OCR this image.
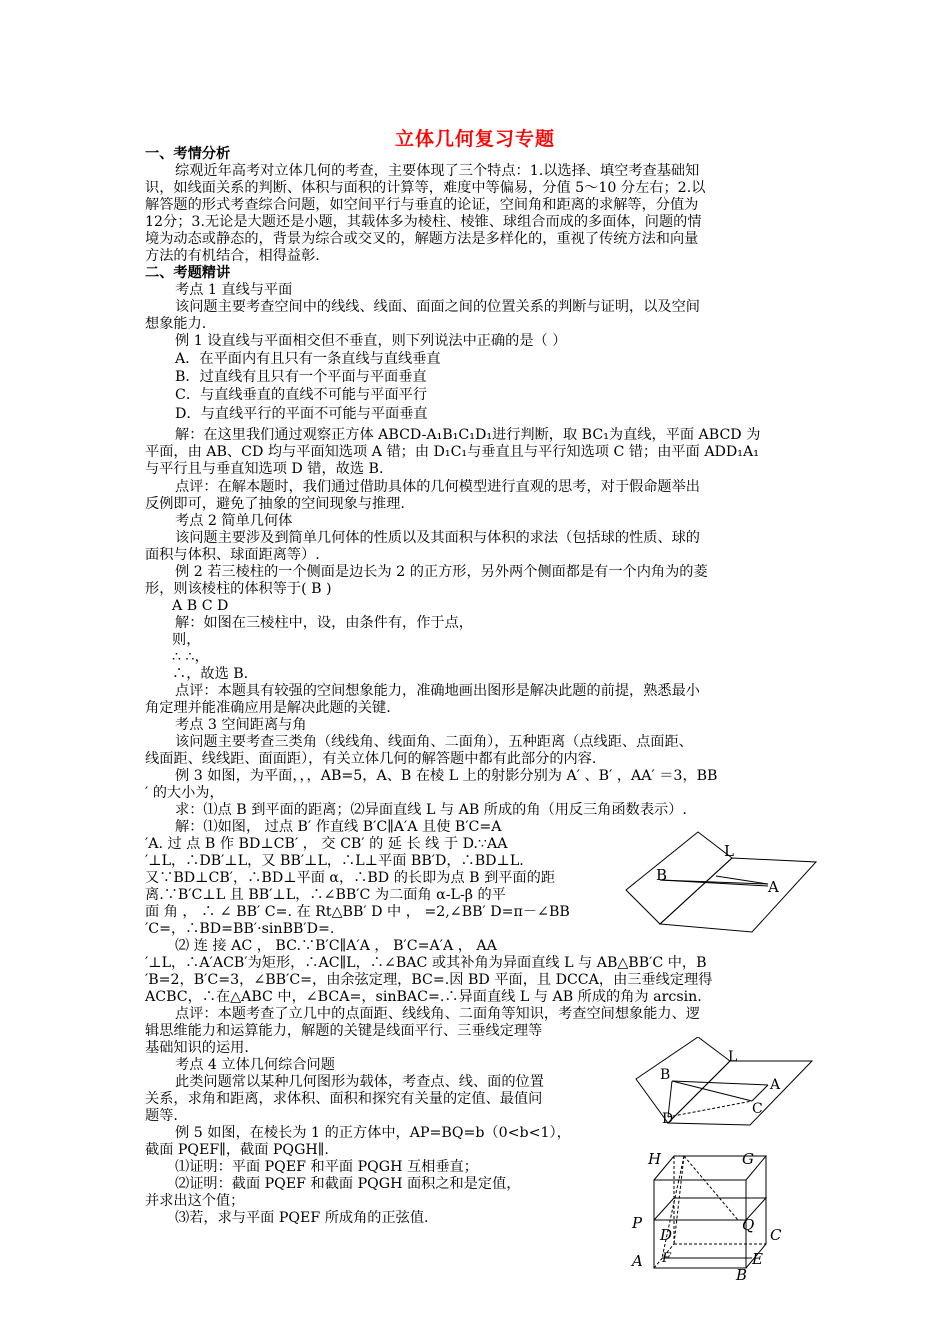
立体几何复习专题
一、考情分析
综观近年高考对立体几何的考查，主要体现了三个特点：1.以选择、填空考查基础知
识，如线面关系的判断、体积与面积的计算等，难度中等偏易，分值 5～10 分左右；2.以
解答题的形式考查综合问题，如空间平行与垂直的论证，空间角和距离的求解等，分值为
12分；3.无论是大题还是小题，其载体多为棱柱、棱锥、球组合而成的多面体，问题的情
境为动态或静态的，背景为综合或交叉的，解题方法是多样化的，重视了传统方法和向量
方法的有机结合，相得益彰.
二、考题精讲
考点 1 直线与平面
该问题主要考查空间中的线线、线面、面面之间的位置关系的判断与证明，以及空间
想象能力.
例 1 设直线与平面相交但不垂直，则下列说法中正确的是（ ）
A．在平面内有且只有一条直线与直线垂直
B．过直线有且只有一个平面与平面垂直
C．与直线垂直的直线不可能与平面平行
D．与直线平行的平面不可能与平面垂直
解：在这里我们通过观察正方体 ABCD-A₁B₁C₁D₁进行判断，取 BC₁为直线，平面 ABCD 为
平面，由 AB、CD 均与平面知选项 A 错；由 D₁C₁与垂直且与平行知选项 C 错；由平面 ADD₁A₁
与平行且与垂直知选项 D 错，故选 B.
点评：在解本题时，我们通过借助具体的几何模型进行直观的思考，对于假命题举出
反例即可，避免了抽象的空间现象与推理.
考点 2 简单几何体
该问题主要涉及到简单几何体的性质以及其面积与体积的求法（包括球的性质、球的
面积与体积、球面距离等）.
例 2 若三棱柱的一个侧面是边长为 2 的正方形，另外两个侧面都是有一个内角为的菱
形，则该棱柱的体积等于( B )
A B C D
解：如图在三棱柱中，设，由条件有，作于点，
则，
∴ ∴，
∴，故选 B.
点评：本题具有较强的空间想象能力，准确地画出图形是解决此题的前提，熟悉最小
角定理并能准确应用是解决此题的关键.
考点 3 空间距离与角
该问题主要考查三类角（线线角、线面角、二面角），五种距离（点线距、点面距、
线面距、线线距、面面距），有关立体几何的解答题中都有此部分的内容.
例 3 如图，为平面，，，AB=5，A、B 在棱 L 上的射影分别为 A′ 、B′ ，AA′ ＝3，BB
′ 的大小为，
求：⑴点 B 到平面的距离；⑵异面直线 L 与 AB 所成的角（用反三角函数表示）.
解：⑴如图， 过点 B′ 作直线 B′C∥A′A 且使 B′C=A
′A. 过 点 B 作 BD⊥CB′ ， 交 CB′ 的 延 长 线 于 D.∵AA
′⊥L，∴DB′⊥L，又 BB′⊥L，∴L⊥平面 BB′D，∴BD⊥L.
又∵BD⊥CB′，∴BD⊥平面 α，∴BD 的长即为点 B 到平面的距
离.∵B′C⊥L 且 BB′⊥L，∴∠BB′C 为二面角 α-L-β 的平
面 角 ， ∴ ∠ BB′ C=. 在 Rt△BB′ D 中 ， =2,∠BB′ D=π－∠BB
′C=，∴BD=BB′·sinBB′D=.
⑵ 连 接 AC ， BC.∵B′C∥A′A ， B′C=A′A ， AA
′⊥L，∴A′ACB′为矩形，∴AC∥L，∴∠BAC 或其补角为异面直线 L 与 AB△BB′C 中，B
′B=2，B′C=3，∠BB′C=，由余弦定理，BC=.因 BD 平面，且 DCCA，由三垂线定理得
ACBC，∴在△ABC 中，∠BCA=，sinBAC=.∴异面直线 L 与 AB 所成的角为 arcsin.
点评：本题考查了立几中的点面距、线线角、二面角等知识，考查空间想象能力、逻
辑思维能力和运算能力，解题的关键是线面平行、三垂线定理等
基础知识的运用.
考点 4 立体几何综合问题
此类问题常以某种几何图形为载体，考查点、线、面的位置
关系，求角和距离，求体积、面积和探究有关量的定值、最值问
题等.
例 5 如图，在棱长为 1 的正方体中，AP=BQ=b（0<b<1），
截面 PQEF∥，截面 PQGH∥.
⑴证明：平面 PQEF 和平面 PQGH 互相垂直；
⑵证明：截面 PQEF 和截面 PQGH 面积之和是定值，
并求出这个值；
⑶若，求与平面 PQEF 所成角的正弦值.
L
B
A
L
B
A
C
D
H	G
P	Q
C
D
A F	E
B
